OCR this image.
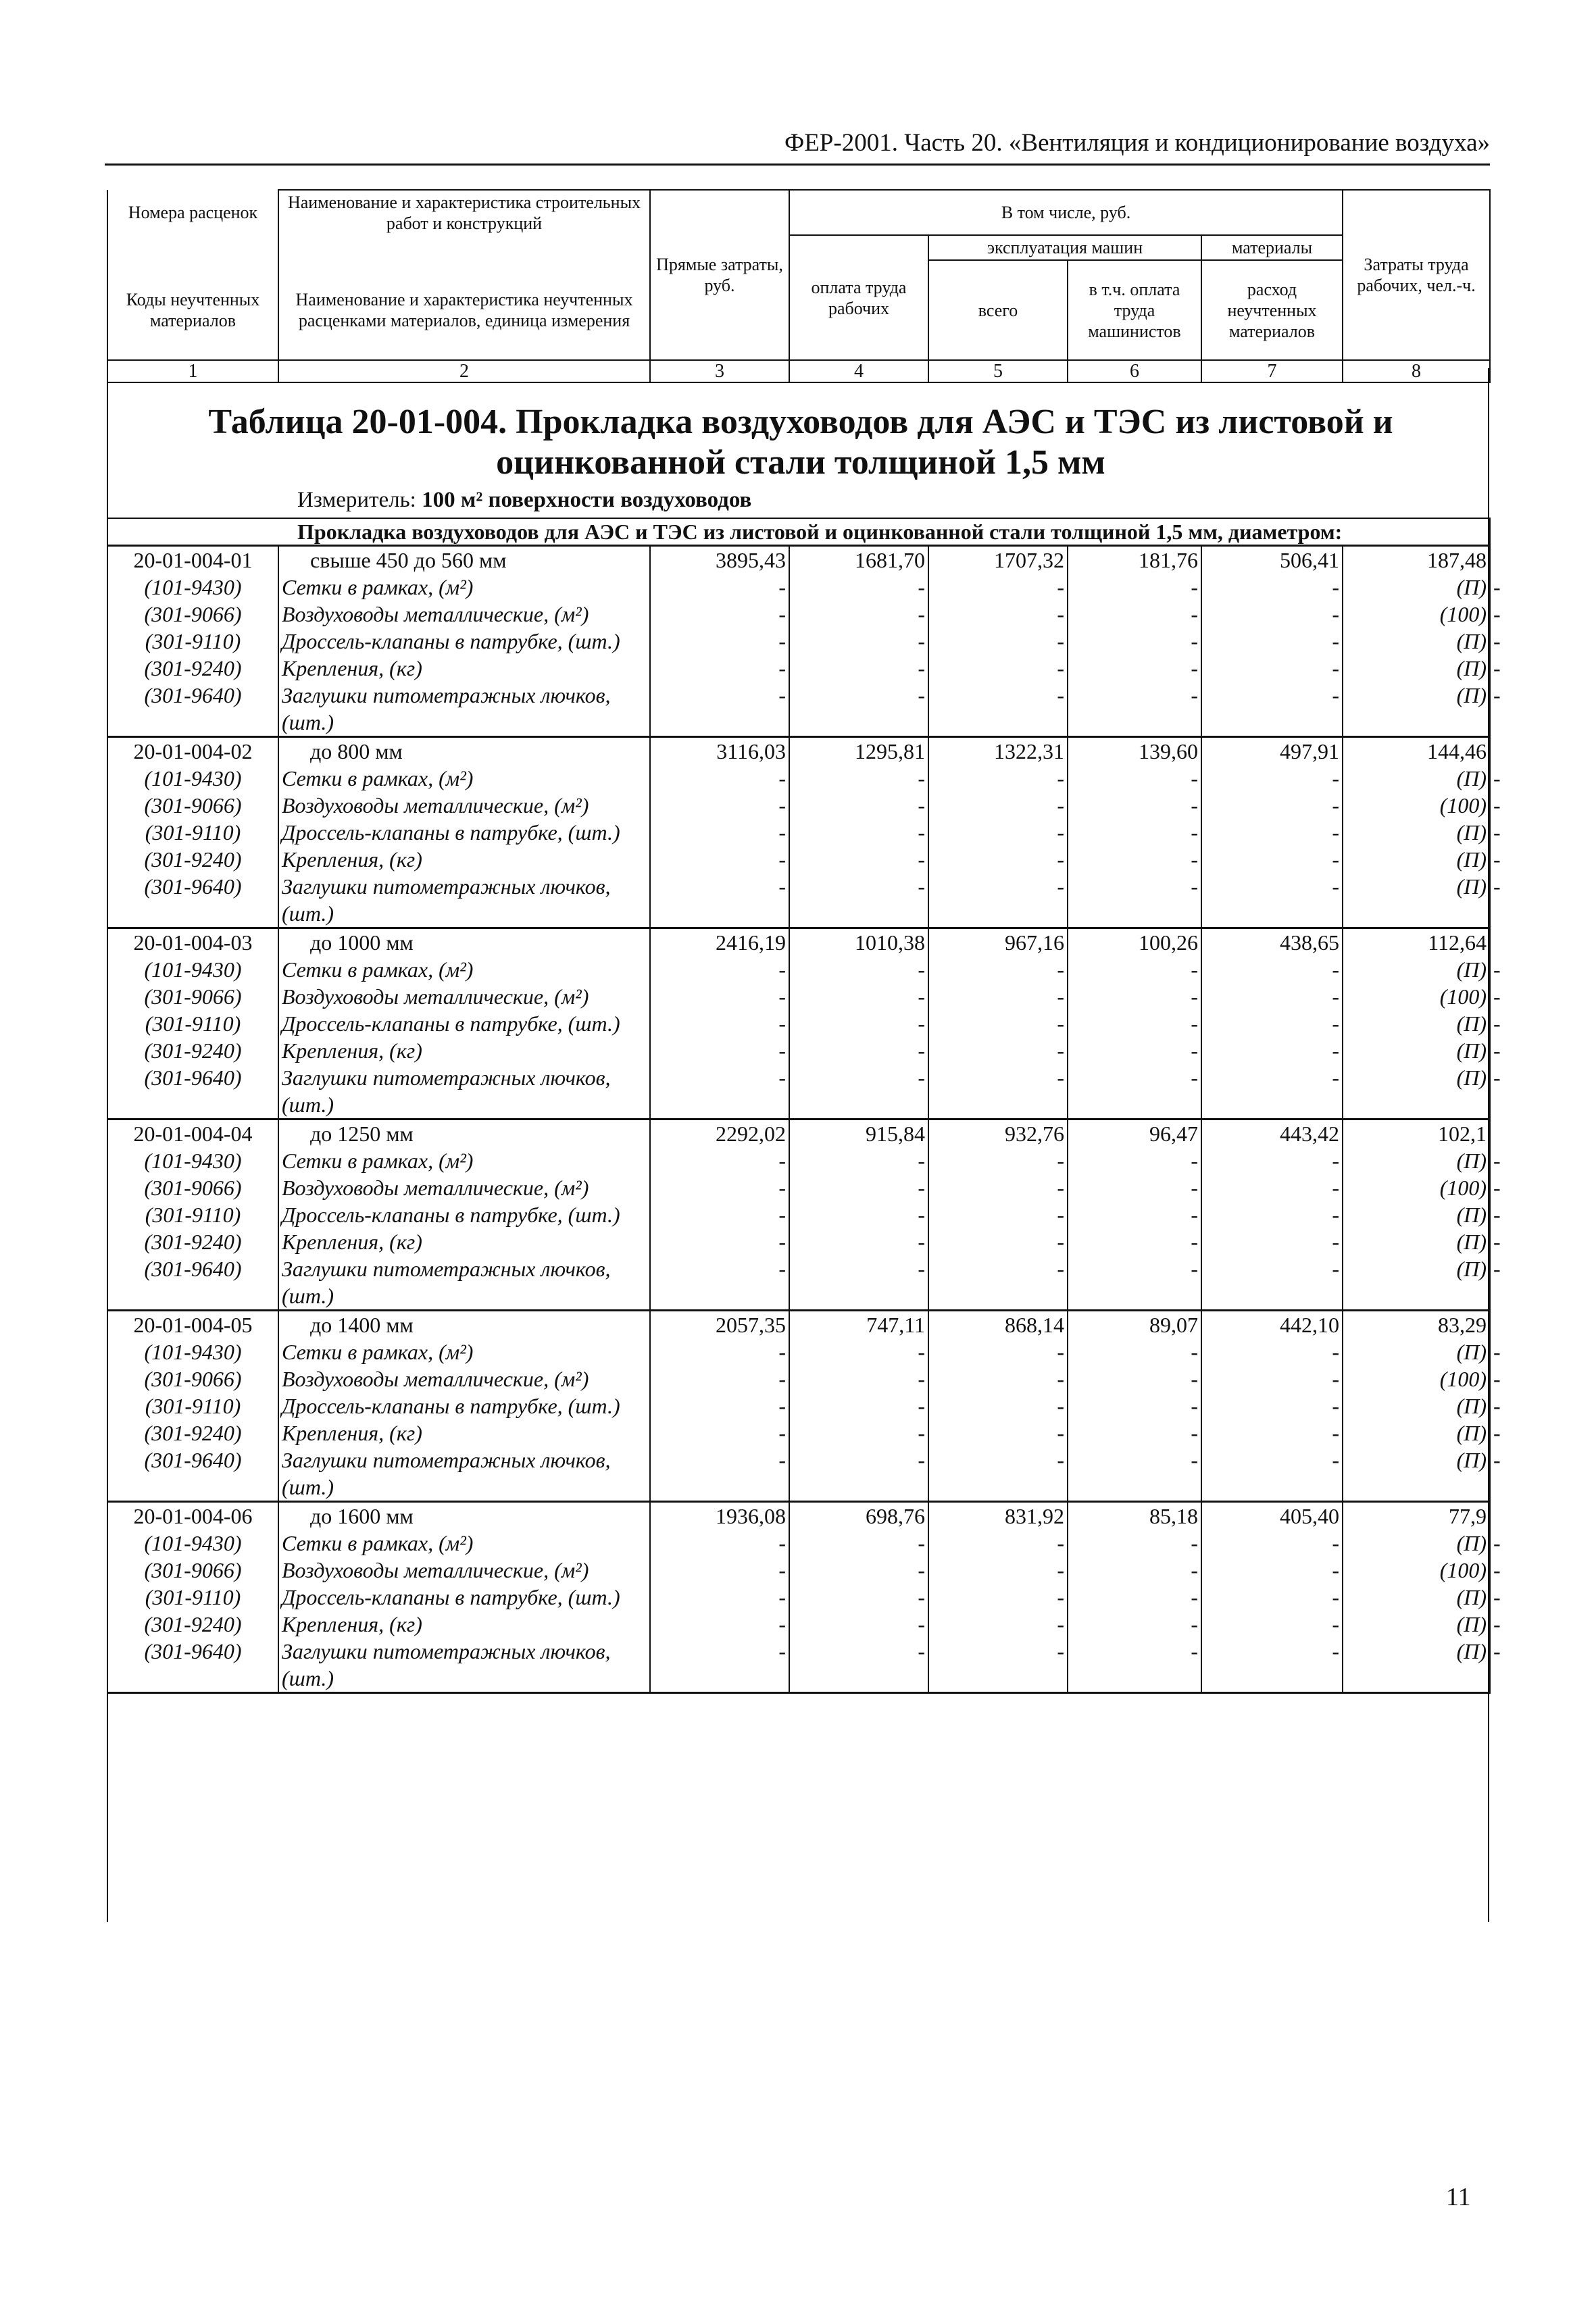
ФЕР-2001. Часть 20. «Вентиляция и кондиционирование воздуха»
Номера расценок	Наименование и характеристика строительных работ и конструкций	Прямые затраты, руб.	В том числе, руб.				Затраты труда рабочих, чел.-ч.
			оплата труда рабочих	эксплуатация машин		материалы	
Коды неучтенных материалов	Наименование и характеристика неучтенных расценками материалов, единица измерения			всего	в т.ч. оплата труда машинистов	расход неучтенных материалов	
1	2	3	4	5	6	7	8
Таблица 20-01-004. Прокладка воздуховодов для АЭС и ТЭС из листовой и оцинкованной стали толщиной 1,5 мм
Измеритель: 100 м² поверхности воздуховодов
Прокладка воздуховодов для АЭС и ТЭС из листовой и оцинкованной стали толщиной 1,5 мм, диаметром:								
20-01-004-01	свыше 450 до 560 мм	3895,43	1681,70	1707,32	181,76	506,41	187,48	
(101-9430)	Сетки в рамках, (м²)	-	-	-	-	-	(П)	-
(301-9066)	Воздуховоды металлические, (м²)	-	-	-	-	-	(100)	-
(301-9110)	Дроссель-клапаны в патрубке, (шт.)	-	-	-	-	-	(П)	-
(301-9240)	Крепления, (кг)	-	-	-	-	-	(П)	-
(301-9640)	Заглушки питометражных лючков, (шт.)	-	-	-	-	-	(П)	-
20-01-004-02	до 800 мм	3116,03	1295,81	1322,31	139,60	497,91	144,46	
(101-9430)	Сетки в рамках, (м²)	-	-	-	-	-	(П)	-
(301-9066)	Воздуховоды металлические, (м²)	-	-	-	-	-	(100)	-
(301-9110)	Дроссель-клапаны в патрубке, (шт.)	-	-	-	-	-	(П)	-
(301-9240)	Крепления, (кг)	-	-	-	-	-	(П)	-
(301-9640)	Заглушки питометражных лючков, (шт.)	-	-	-	-	-	(П)	-
20-01-004-03	до 1000 мм	2416,19	1010,38	967,16	100,26	438,65	112,64	
(101-9430)	Сетки в рамках, (м²)	-	-	-	-	-	(П)	-
(301-9066)	Воздуховоды металлические, (м²)	-	-	-	-	-	(100)	-
(301-9110)	Дроссель-клапаны в патрубке, (шт.)	-	-	-	-	-	(П)	-
(301-9240)	Крепления, (кг)	-	-	-	-	-	(П)	-
(301-9640)	Заглушки питометражных лючков, (шт.)	-	-	-	-	-	(П)	-
20-01-004-04	до 1250 мм	2292,02	915,84	932,76	96,47	443,42	102,1	
(101-9430)	Сетки в рамках, (м²)	-	-	-	-	-	(П)	-
(301-9066)	Воздуховоды металлические, (м²)	-	-	-	-	-	(100)	-
(301-9110)	Дроссель-клапаны в патрубке, (шт.)	-	-	-	-	-	(П)	-
(301-9240)	Крепления, (кг)	-	-	-	-	-	(П)	-
(301-9640)	Заглушки питометражных лючков, (шт.)	-	-	-	-	-	(П)	-
20-01-004-05	до 1400 мм	2057,35	747,11	868,14	89,07	442,10	83,29	
(101-9430)	Сетки в рамках, (м²)	-	-	-	-	-	(П)	-
(301-9066)	Воздуховоды металлические, (м²)	-	-	-	-	-	(100)	-
(301-9110)	Дроссель-клапаны в патрубке, (шт.)	-	-	-	-	-	(П)	-
(301-9240)	Крепления, (кг)	-	-	-	-	-	(П)	-
(301-9640)	Заглушки питометражных лючков, (шт.)	-	-	-	-	-	(П)	-
20-01-004-06	до 1600 мм	1936,08	698,76	831,92	85,18	405,40	77,9	
(101-9430)	Сетки в рамках, (м²)	-	-	-	-	-	(П)	-
(301-9066)	Воздуховоды металлические, (м²)	-	-	-	-	-	(100)	-
(301-9110)	Дроссель-клапаны в патрубке, (шт.)	-	-	-	-	-	(П)	-
(301-9240)	Крепления, (кг)	-	-	-	-	-	(П)	-
(301-9640)	Заглушки питометражных лючков, (шт.)	-	-	-	-	-	(П)	-
11
